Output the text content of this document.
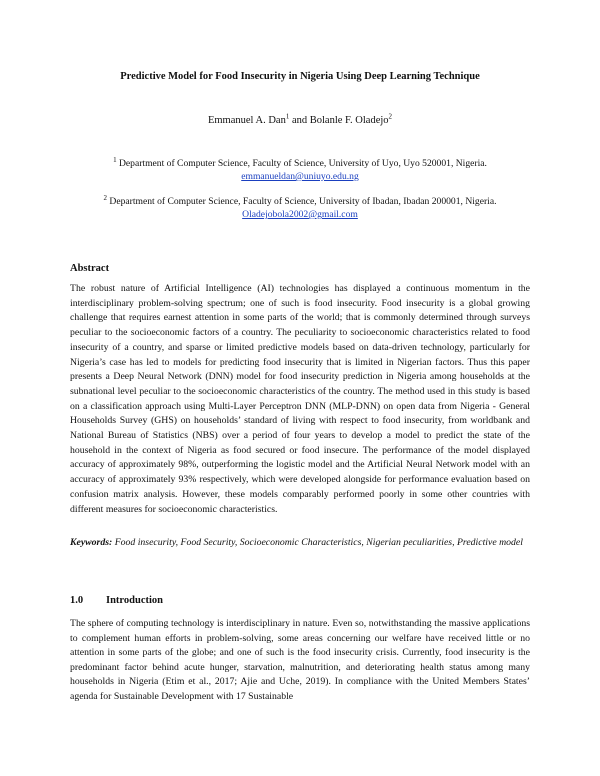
Predictive Model for Food Insecurity in Nigeria Using Deep Learning Technique
Emmanuel A. Dan$^1$ and Bolanle F. Oladejo$^2$
$^1$ Department of Computer Science, Faculty of Science, University of Uyo, Uyo 520001, Nigeria.
emmanueldan@uniuyo.edu.ng
$^2$ Department of Computer Science, Faculty of Science, University of Ibadan, Ibadan 200001, Nigeria.
Oladejobola2002@gmail.com
Abstract

The robust nature of Artificial Intelligence (AI) technologies has displayed a continuous momentum in the interdisciplinary problem-solving spectrum; one of such is food insecurity. Food insecurity is a global growing challenge that requires earnest attention in some parts of the world; that is commonly determined through surveys peculiar to the socioeconomic factors of a country. The peculiarity to socioeconomic characteristics related to food insecurity of a country, and sparse or limited predictive models based on data-driven technology, particularly for Nigeria’s case has led to models for predicting food insecurity that is limited in Nigerian factors. Thus this paper presents a Deep Neural Network (DNN) model for food insecurity prediction in Nigeria among households at the subnational level peculiar to the socioeconomic characteristics of the country. The method used in this study is based on a classification approach using Multi-Layer Perceptron DNN (MLP-DNN) on open data from Nigeria - General Households Survey (GHS) on households’ standard of living with respect to food insecurity, from worldbank and National Bureau of Statistics (NBS) over a period of four years to develop a model to predict the state of the household in the context of Nigeria as food secured or food insecure. The performance of the model displayed accuracy of approximately 98%, outperforming the logistic model and the Artificial Neural Network model with an accuracy of approximately 93% respectively, which were developed alongside for performance evaluation based on confusion matrix analysis. However, these models comparably performed poorly in some other countries with different measures for socioeconomic characteristics.

Keywords: Food insecurity, Food Security, Socioeconomic Characteristics, Nigerian peculiarities, Predictive model

1.0	Introduction

The sphere of computing technology is interdisciplinary in nature. Even so, notwithstanding the massive applications to complement human efforts in problem-solving, some areas concerning our welfare have received little or no attention in some parts of the globe; and one of such is the food insecurity crisis. Currently, food insecurity is the predominant factor behind acute hunger, starvation, malnutrition, and deteriorating health status among many households in Nigeria (Etim et al., 2017; Ajie and Uche, 2019). In compliance with the United Members States’ agenda for Sustainable Development with 17 Sustainable
